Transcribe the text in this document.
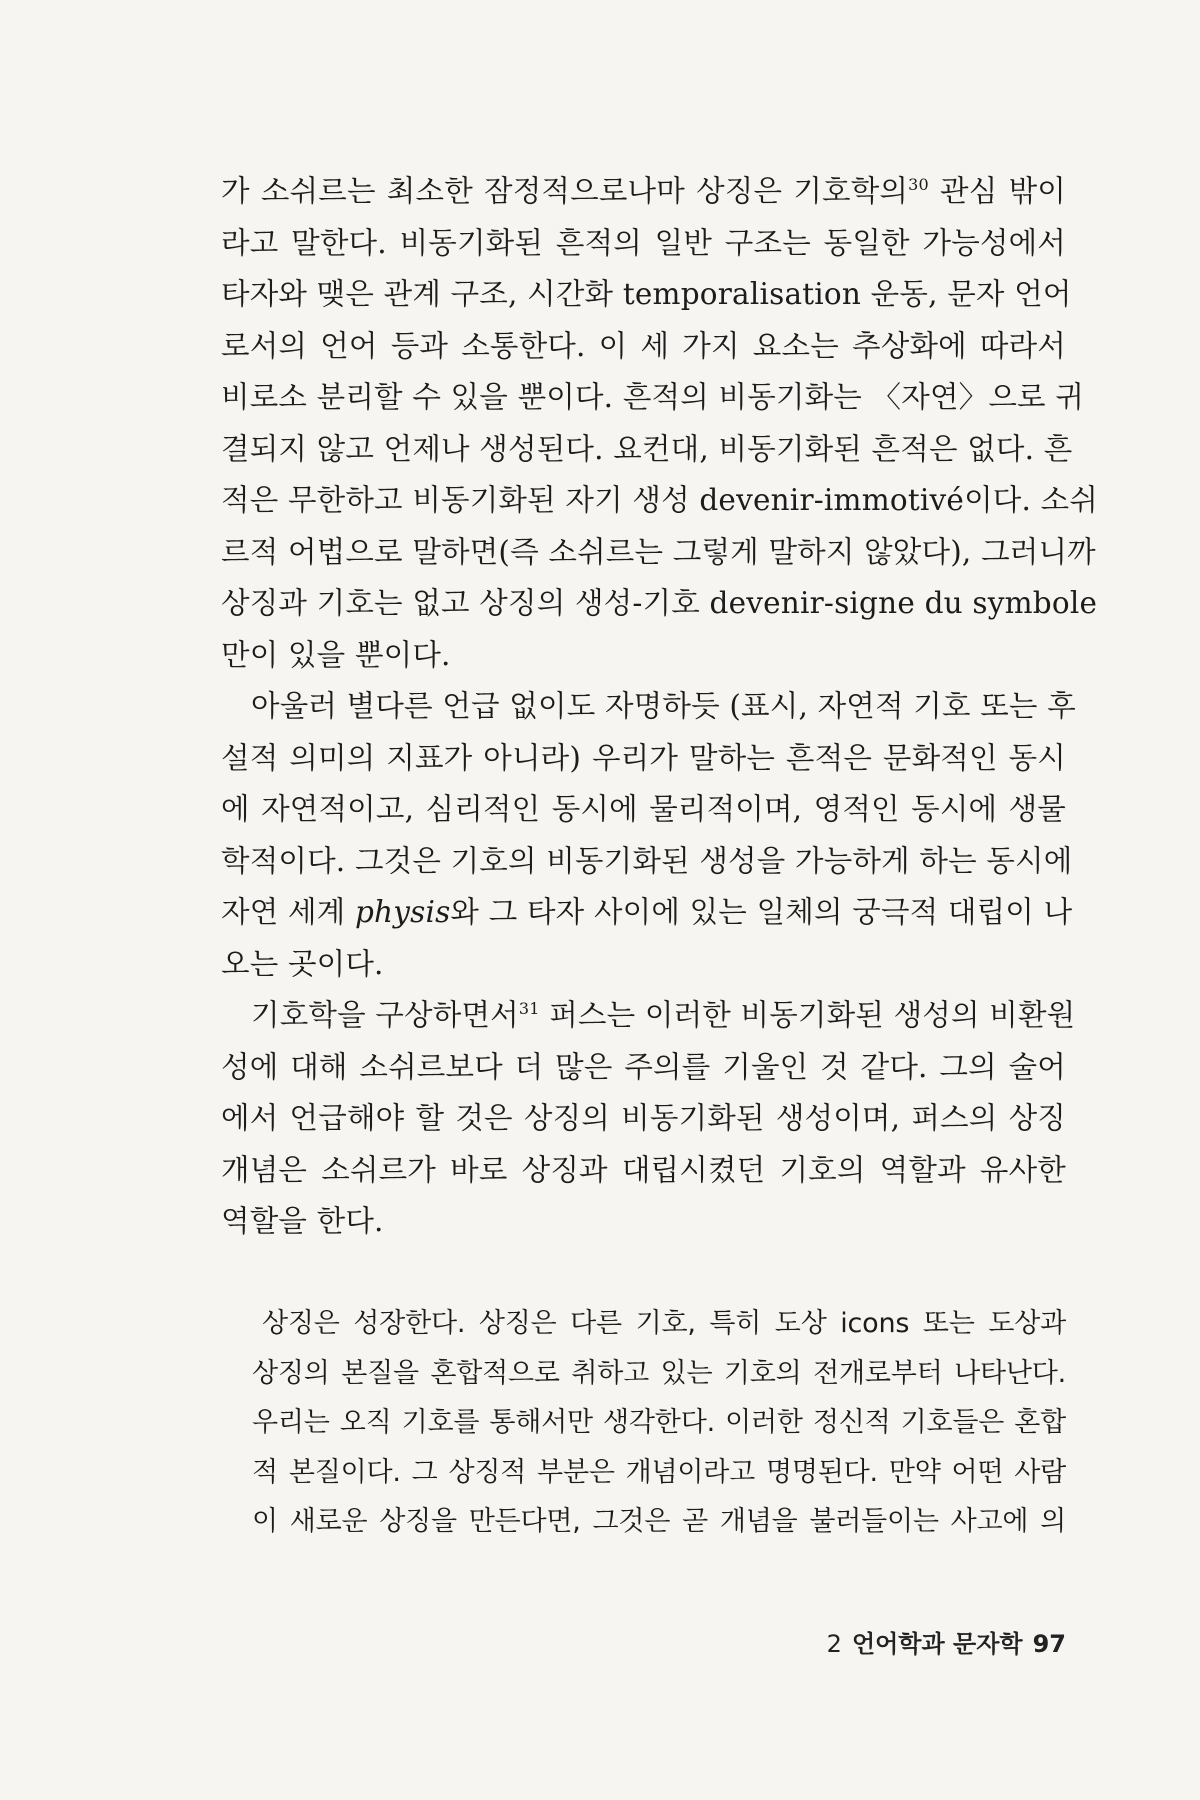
가 소쉬르는 최소한 잠정적으로나마 상징은 기호학의$^{30}$ 관심 밖이
라고 말한다. 비동기화된 흔적의 일반 구조는 동일한 가능성에서
타자와 맺은 관계 구조, 시간화 temporalisation 운동, 문자 언어
로서의 언어 등과 소통한다. 이 세 가지 요소는 추상화에 따라서
비로소 분리할 수 있을 뿐이다. 흔적의 비동기화는 〈자연〉으로 귀
결되지 않고 언제나 생성된다. 요컨대, 비동기화된 흔적은 없다. 흔
적은 무한하고 비동기화된 자기 생성 devenir-immotivé이다. 소쉬
르적 어법으로 말하면(즉 소쉬르는 그렇게 말하지 않았다), 그러니까
상징과 기호는 없고 상징의 생성-기호 devenir-signe du symbole
만이 있을 뿐이다.
아울러 별다른 언급 없이도 자명하듯 (표시, 자연적 기호 또는 후
설적 의미의 지표가 아니라) 우리가 말하는 흔적은 문화적인 동시
에 자연적이고, 심리적인 동시에 물리적이며, 영적인 동시에 생물
학적이다. 그것은 기호의 비동기화된 생성을 가능하게 하는 동시에
자연 세계 physis와 그 타자 사이에 있는 일체의 궁극적 대립이 나
오는 곳이다.
기호학을 구상하면서$^{31}$ 퍼스는 이러한 비동기화된 생성의 비환원
성에 대해 소쉬르보다 더 많은 주의를 기울인 것 같다. 그의 술어
에서 언급해야 할 것은 상징의 비동기화된 생성이며, 퍼스의 상징
개념은 소쉬르가 바로 상징과 대립시켰던 기호의 역할과 유사한
역할을 한다.
상징은 성장한다. 상징은 다른 기호, 특히 도상 icons 또는 도상과
상징의 본질을 혼합적으로 취하고 있는 기호의 전개로부터 나타난다.
우리는 오직 기호를 통해서만 생각한다. 이러한 정신적 기호들은 혼합
적 본질이다. 그 상징적 부분은 개념이라고 명명된다. 만약 어떤 사람
이 새로운 상징을 만든다면, 그것은 곧 개념을 불러들이는 사고에 의
2 언어학과 문자학 97
